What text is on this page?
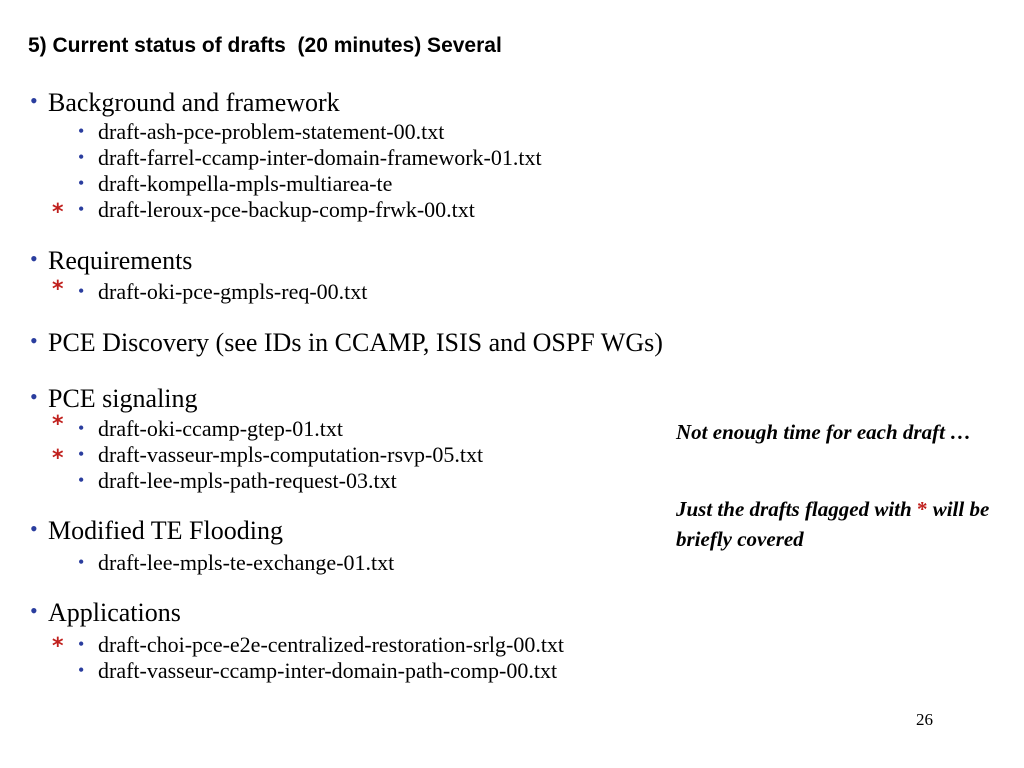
5) Current status of drafts  (20 minutes) Several
• Background and framework
• draft-ash-pce-problem-statement-00.txt
• draft-farrel-ccamp-inter-domain-framework-01.txt
• draft-kompella-mpls-multiarea-te
* • draft-leroux-pce-backup-comp-frwk-00.txt
• Requirements
* • draft-oki-pce-gmpls-req-00.txt
• PCE Discovery (see IDs in CCAMP, ISIS and OSPF WGs)
• PCE signaling
* • draft-oki-ccamp-gtep-01.txt
* • draft-vasseur-mpls-computation-rsvp-05.txt
• draft-lee-mpls-path-request-03.txt
• Modified TE Flooding
• draft-lee-mpls-te-exchange-01.txt
• Applications
* • draft-choi-pce-e2e-centralized-restoration-srlg-00.txt
• draft-vasseur-ccamp-inter-domain-path-comp-00.txt
Not enough time for each draft …
Just the drafts flagged with * will be briefly covered
26
